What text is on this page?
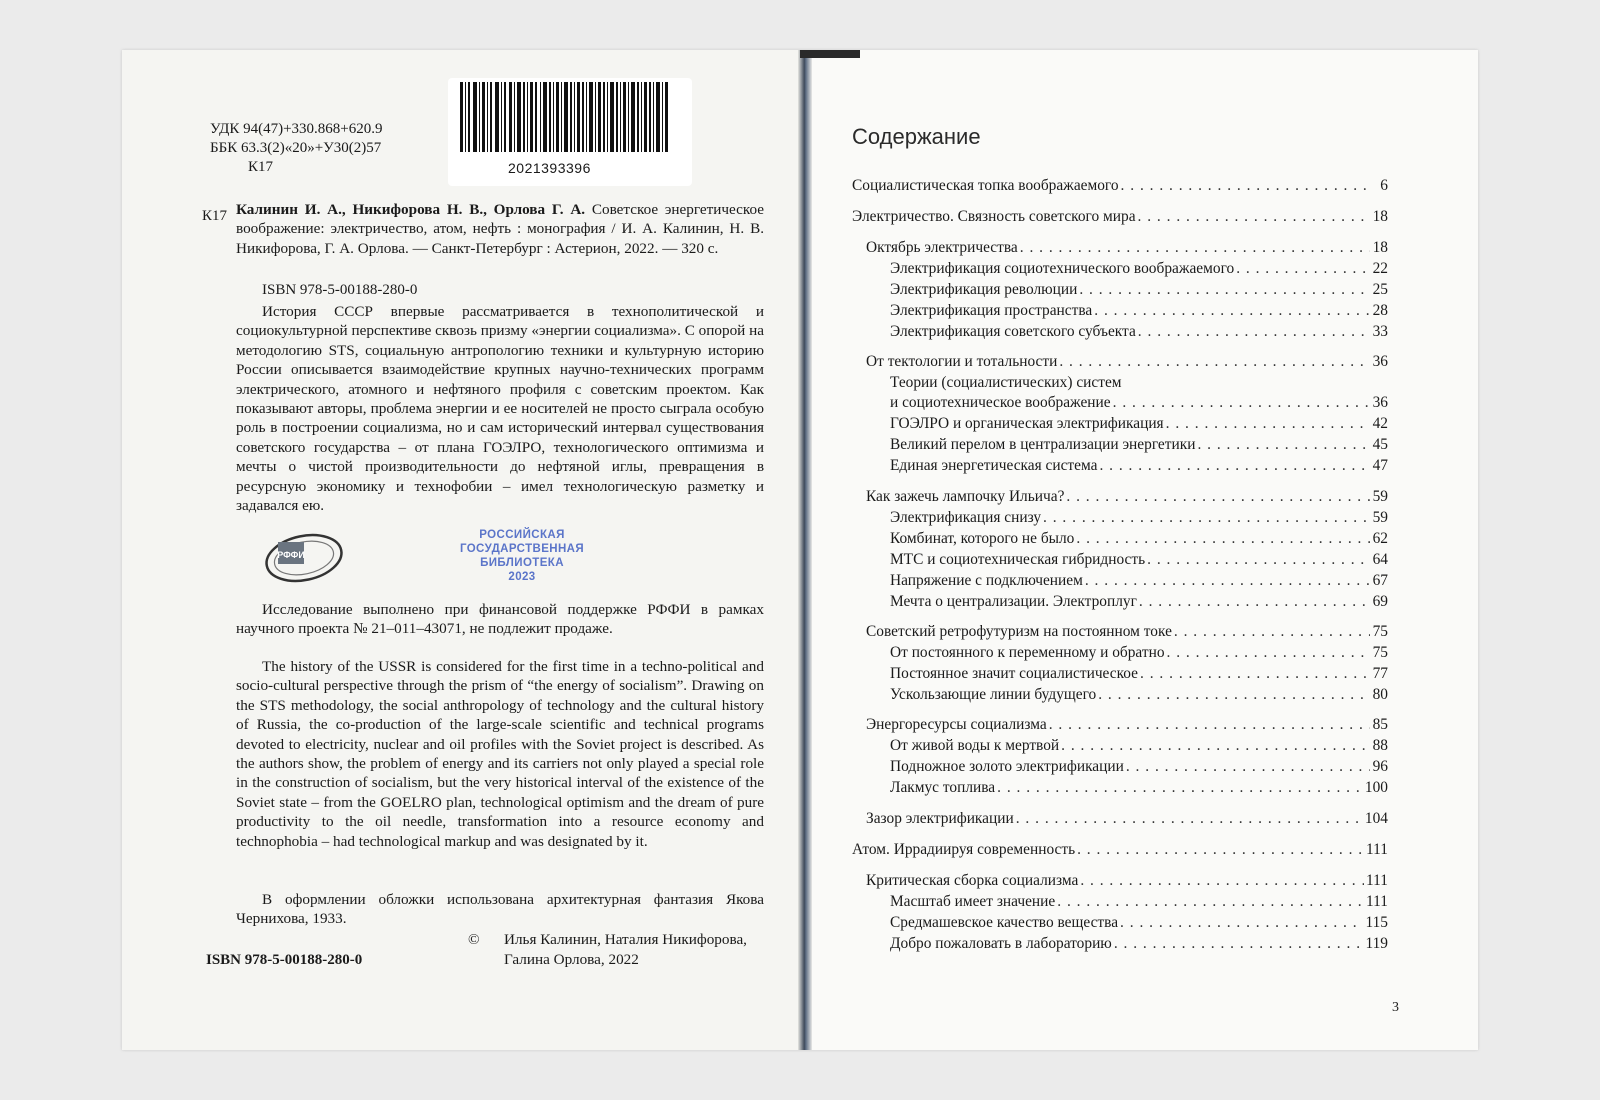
УДК 94(47)+330.868+620.9
ББК 63.3(2)«20»+У30(2)57
К17	2021393396
К17 Калинин И. А., Никифорова Н. В., Орлова Г. А. Советское энергетическое воображение: электричество, атом, нефть : монография / И. А. Калинин, Н. В. Никифорова, Г. А. Орлова. — Санкт-Петербург : Астерион, 2022. — 320 с.
ISBN 978-5-00188-280-0
История СССР впервые рассматривается в технополитической и социокультурной перспективе сквозь призму «энергии социализма». С опорой на методологию STS, социальную антропологию техники и культурную историю России описывается взаимодействие крупных научно-технических программ электрического, атомного и нефтяного профиля с советским проектом. Как показывают авторы, проблема энергии и ее носителей не просто сыграла особую роль в построении социализма, но и сам исторический интервал существования советского государства – от плана ГОЭЛРО, технологического оптимизма и мечты о чистой производительности до нефтяной иглы, превращения в ресурсную экономику и технофобии – имел технологическую разметку и задавался ею.
РФФИ
РОССИЙСКАЯ
ГОСУДАРСТВЕННАЯ
БИБЛИОТЕКА
2023
Исследование выполнено при финансовой поддержке РФФИ в рамках научного проекта № 21–011–43071, не подлежит продаже.
The history of the USSR is considered for the first time in a techno-political and socio-cultural perspective through the prism of “the energy of socialism”. Drawing on the STS methodology, the social anthropology of technology and the cultural history of Russia, the co-production of the large-scale scientific and technical programs devoted to electricity, nuclear and oil profiles with the Soviet project is described. As the authors show, the problem of energy and its carriers not only played a special role in the construction of socialism, but the very historical interval of the existence of the Soviet state – from the GOELRO plan, technological optimism and the dream of pure productivity to the oil needle, transformation into a resource economy and technophobia – had technological markup and was designated by it.
В оформлении обложки использована архитектурная фантазия Якова Чернихова, 1933.
©	Илья Калинин, Наталия Никифорова,
Галина Орлова, 2022
ISBN 978-5-00188-280-0
Содержание
Социалистическая топка воображаемого . . .	6
Электричество. Связность советского мира . . .	18
Октябрь электричества . . .	18
Электрификация социотехнического воображаемого . . .	22
Электрификация революции . . .	25
Электрификация пространства . . .	28
Электрификация советского субъекта . . .	33
От тектологии и тотальности . . .	36
Теории (социалистических) систем
и социотехническое воображение . . .	36
ГОЭЛРО и органическая электрификация . . .	42
Великий перелом в централизации энергетики . . .	45
Единая энергетическая система . . .	47
Как зажечь лампочку Ильича? . . .	59
Электрификация снизу . . .	59
Комбинат, которого не было . . .	62
МТС и социотехническая гибридность . . .	64
Напряжение с подключением . . .	67
Мечта о централизации. Электроплуг . . .	69
Советский ретрофутуризм на постоянном токе . . .	75
От постоянного к переменному и обратно . . .	75
Постоянное значит социалистическое . . .	77
Ускользающие линии будущего . . .	80
Энергоресурсы социализма . . .	85
От живой воды к мертвой . . .	88
Подножное золото электрификации . . .	96
Лакмус топлива . . .	100
Зазор электрификации . . .	104
Атом. Иррадиируя современность . . .	111
Критическая сборка социализма . . .	111
Масштаб имеет значение . . .	111
Средмашевское качество вещества . . .	115
Добро пожаловать в лабораторию . . .	119
3
